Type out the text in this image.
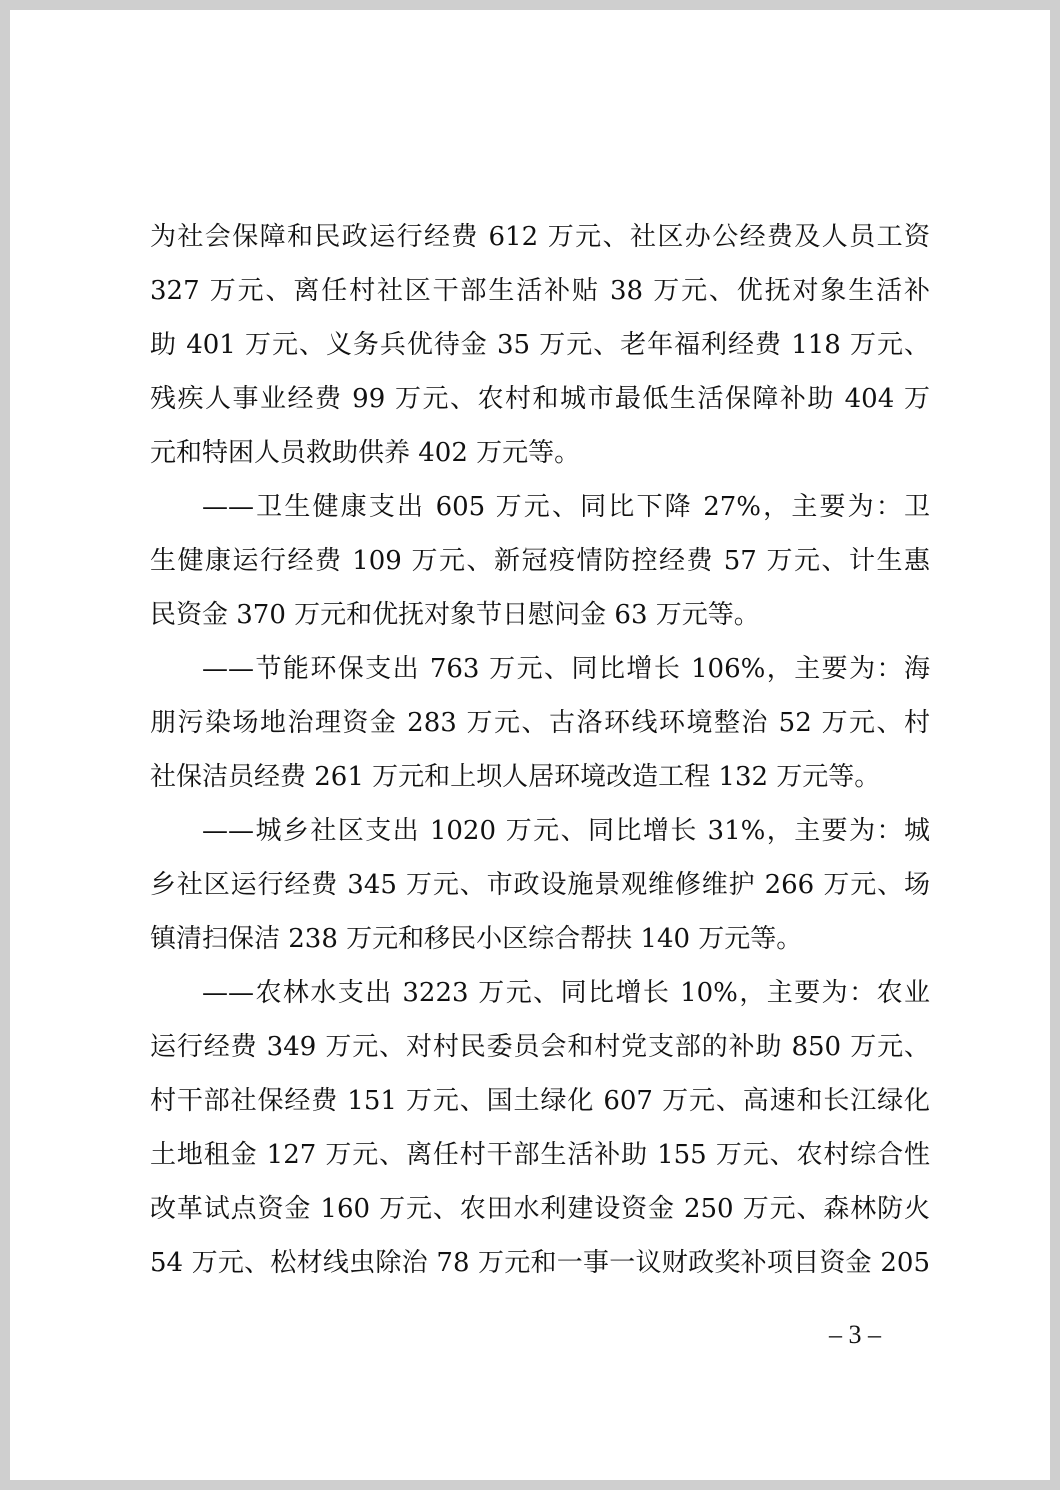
为社会保障和民政运行经费 612 万元、社区办公经费及人员工资
327 万元、离任村社区干部生活补贴 38 万元、优抚对象生活补
助 401 万元、义务兵优待金 35 万元、老年福利经费 118 万元、
残疾人事业经费 99 万元、农村和城市最低生活保障补助 404 万
元和特困人员救助供养 402 万元等。
——卫生健康支出 605 万元、同比下降 27%，主要为：卫
生健康运行经费 109 万元、新冠疫情防控经费 57 万元、计生惠
民资金 370 万元和优抚对象节日慰问金 63 万元等。
——节能环保支出 763 万元、同比增长 106%，主要为：海
朋污染场地治理资金 283 万元、古洛环线环境整治 52 万元、村
社保洁员经费 261 万元和上坝人居环境改造工程 132 万元等。
——城乡社区支出 1020 万元、同比增长 31%，主要为：城
乡社区运行经费 345 万元、市政设施景观维修维护 266 万元、场
镇清扫保洁 238 万元和移民小区综合帮扶 140 万元等。
——农林水支出 3223 万元、同比增长 10%，主要为：农业
运行经费 349 万元、对村民委员会和村党支部的补助 850 万元、
村干部社保经费 151 万元、国土绿化 607 万元、高速和长江绿化
土地租金 127 万元、离任村干部生活补助 155 万元、农村综合性
改革试点资金 160 万元、农田水利建设资金 250 万元、森林防火
54 万元、松材线虫除治 78 万元和一事一议财政奖补项目资金 205
– 3 –
